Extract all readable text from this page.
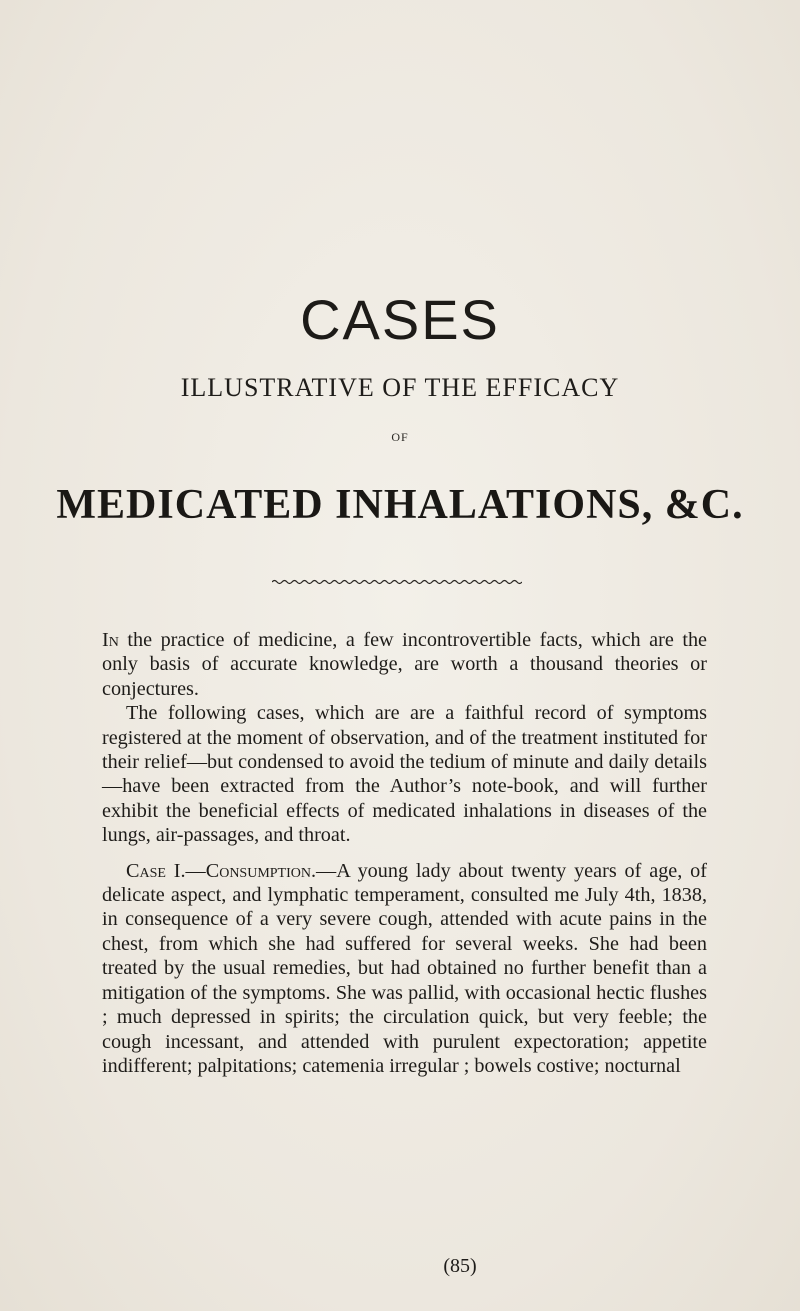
CASES
ILLUSTRATIVE OF THE EFFICACY
OF
MEDICATED INHALATIONS, &C.

In the practice of medicine, a few incontrovertible facts, which are the only basis of accurate knowledge, are worth a thousand theories or conjectures.

The following cases, which are are a faithful record of symptoms registered at the moment of observation, and of the treatment instituted for their relief—but condensed to avoid the tedium of minute and daily details—have been extracted from the Author’s note-book, and will further exhibit the beneficial effects of medicated inhalations in diseases of the lungs, air-passages, and throat.

Case I.—Consumption.—A young lady about twenty years of age, of delicate aspect, and lymphatic temperament, consulted me July 4th, 1838, in consequence of a very severe cough, attended with acute pains in the chest, from which she had suffered for several weeks. She had been treated by the usual remedies, but had obtained no further benefit than a mitigation of the symptoms. She was pallid, with occasional hectic flushes ; much depressed in spirits; the circulation quick, but very feeble; the cough incessant, and attended with purulent expectoration; appetite indifferent; palpitations; catemenia irregular ; bowels costive; nocturnal

(85)
